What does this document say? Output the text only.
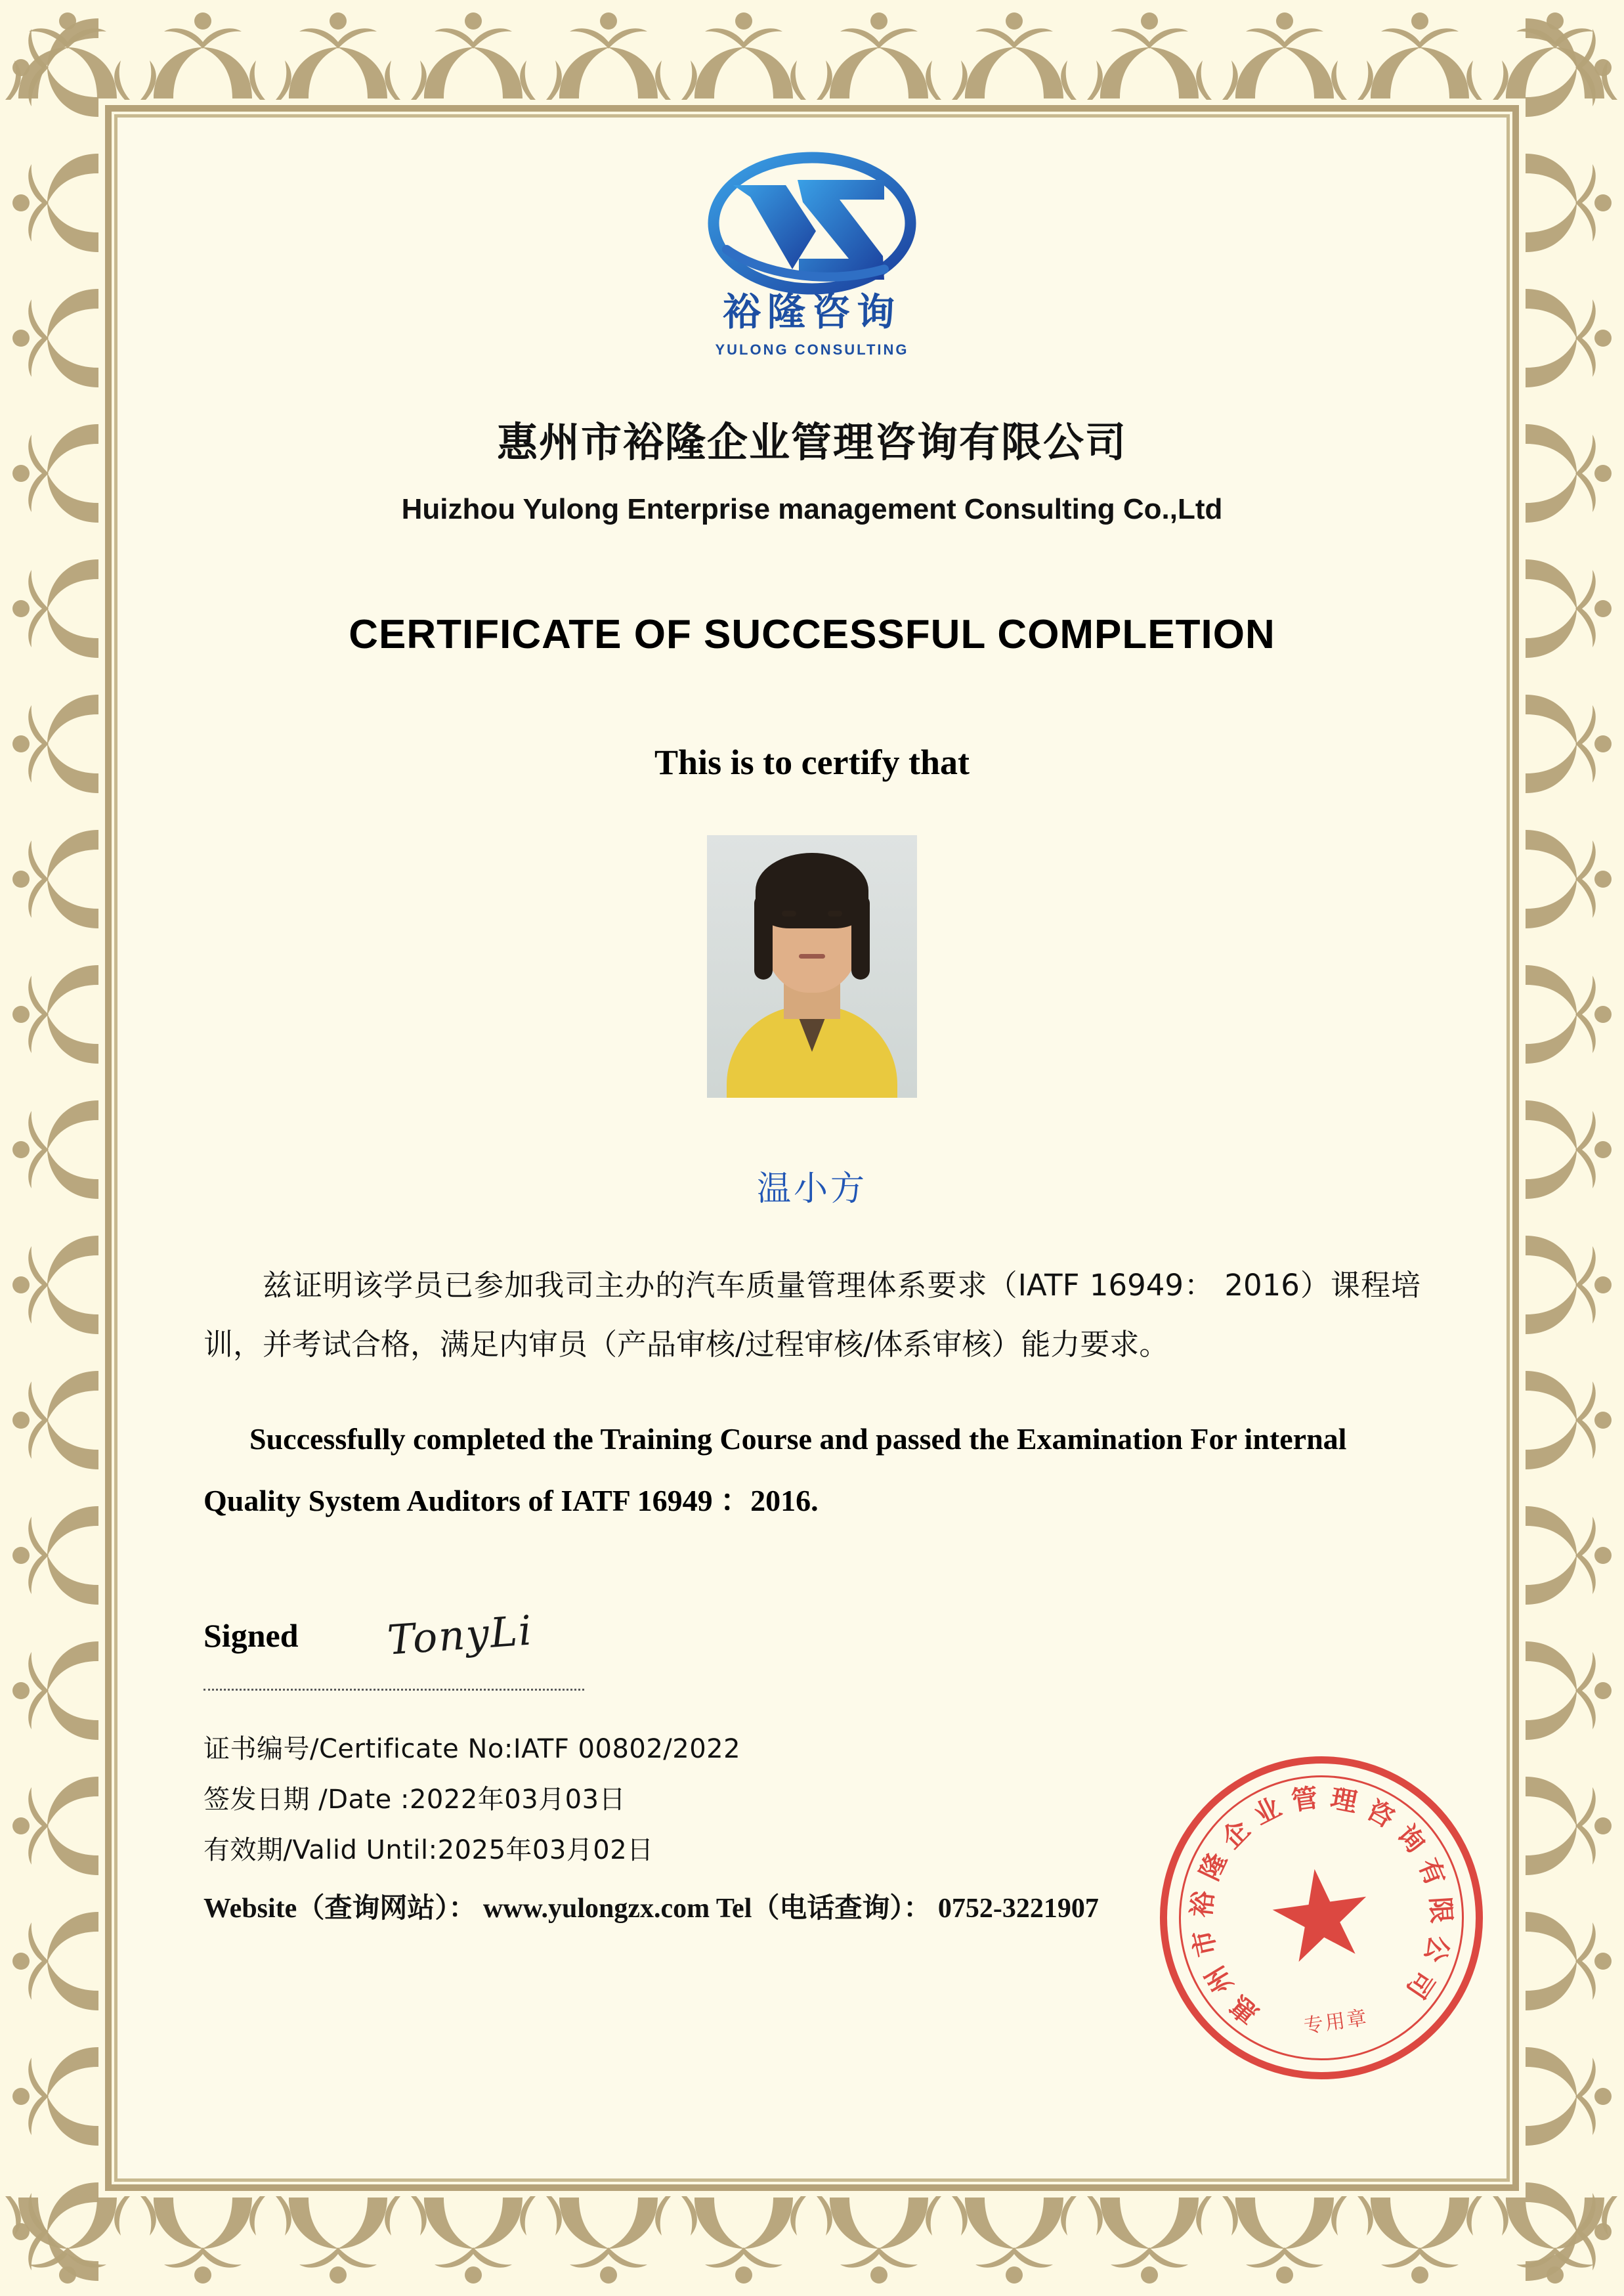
裕隆咨询
YULONG CONSULTING
惠州市裕隆企业管理咨询有限公司
Huizhou Yulong Enterprise management Consulting Co.,Ltd
CERTIFICATE OF SUCCESSFUL COMPLETION
This is to certify that
温小方
兹证明该学员已参加我司主办的汽车质量管理体系要求（IATF 16949： 2016）课程培训，并考试合格，满足内审员（产品审核/过程审核/体系审核）能力要求。
Successfully completed the Training Course and passed the Examination For internal Quality System Auditors of IATF 16949 ：2016.
Signed TonyLi
证书编号/Certificate No:IATF 00802/2022
签发日期 /Date :2022年03月03日
有效期/Valid Until:2025年03月02日
Website（查询网站）： www.yulongzx.com Tel（电话查询）： 0752-3221907
惠
州
市
裕
隆
企
业 管 理 咨
询
有
限
公
司
专用章
